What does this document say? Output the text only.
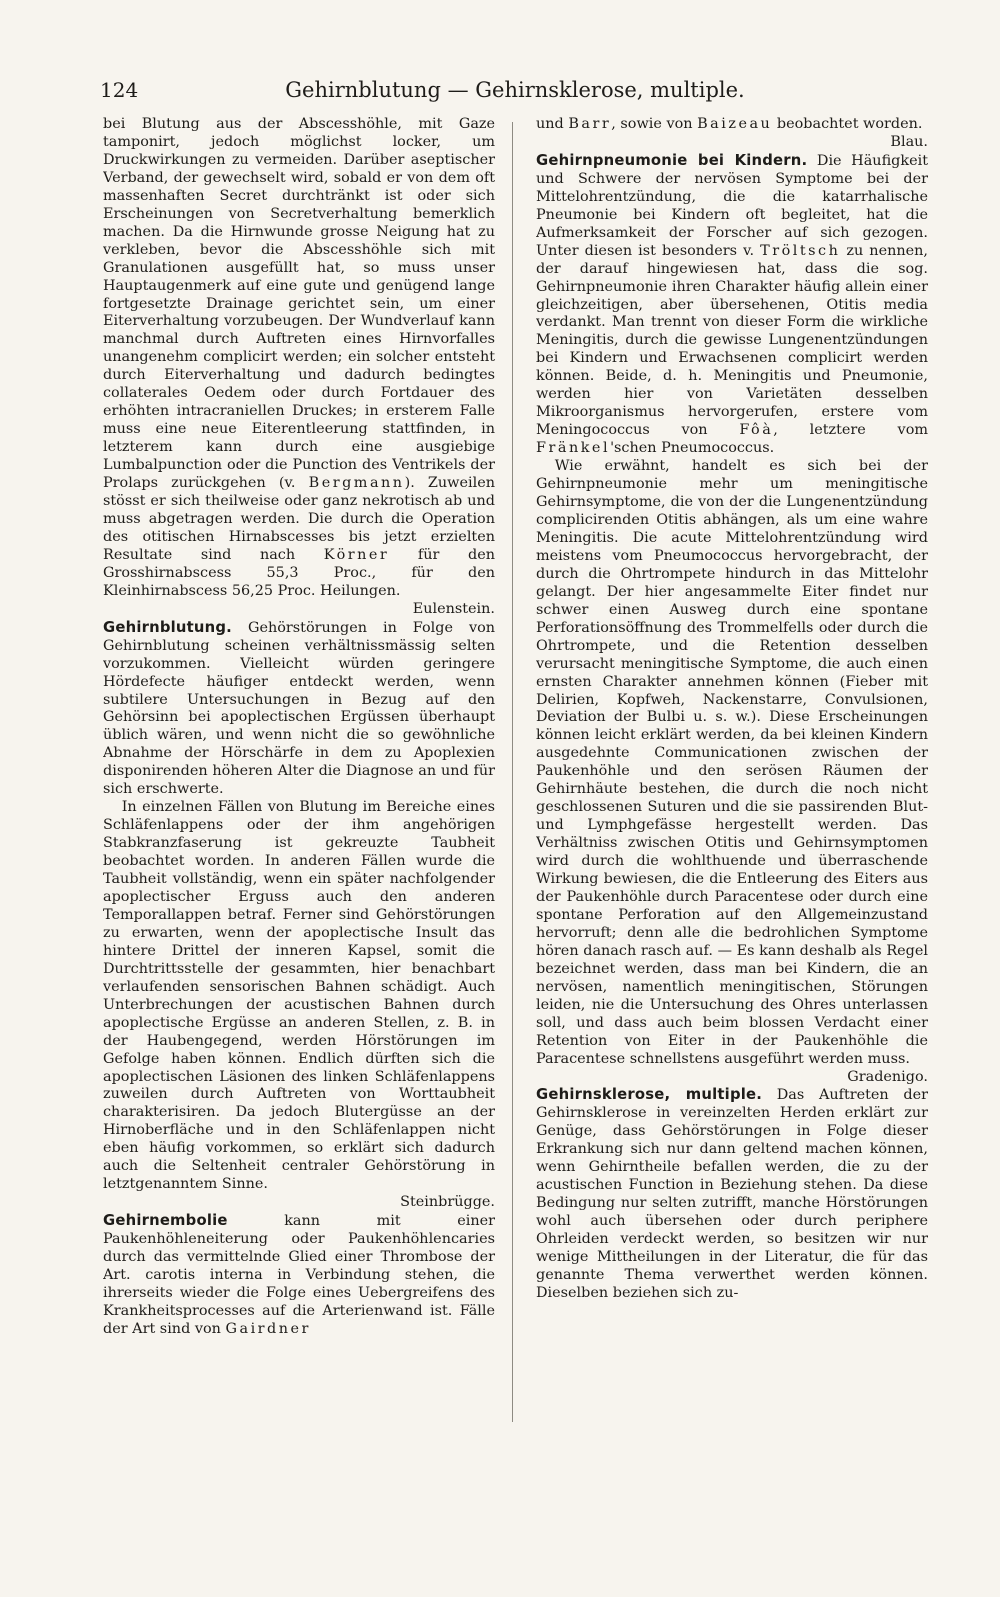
124	Gehirnblutung — Gehirnsklerose, multiple.

bei Blutung aus der Abscesshöhle, mit Gaze tamponirt, jedoch möglichst locker, um Druckwirkungen zu vermeiden. Darüber aseptischer Verband, der gewechselt wird, sobald er von dem oft massenhaften Secret durchtränkt ist oder sich Erscheinungen von Secretverhaltung bemerklich machen. Da die Hirnwunde grosse Neigung hat zu verkleben, bevor die Abscesshöhle sich mit Granulationen ausgefüllt hat, so muss unser Hauptaugenmerk auf eine gute und genügend lange fortgesetzte Drainage gerichtet sein, um einer Eiterverhaltung vorzubeugen. Der Wundverlauf kann manchmal durch Auftreten eines Hirnvorfalles unangenehm complicirt werden; ein solcher entsteht durch Eiterverhaltung und dadurch bedingtes collaterales Oedem oder durch Fortdauer des erhöhten intracraniellen Druckes; in ersterem Falle muss eine neue Eiterentleerung stattfinden, in letzterem kann durch eine ausgiebige Lumbalpunction oder die Punction des Ventrikels der Prolaps zurückgehen (v. Bergmann). Zuweilen stösst er sich theilweise oder ganz nekrotisch ab und muss abgetragen werden. Die durch die Operation des otitischen Hirnabscesses bis jetzt erzielten Resultate sind nach Körner für den Grosshirnabscess 55,3 Proc., für den Kleinhirnabscess 56,25 Proc. Heilungen.
Eulenstein.

Gehirnblutung. Gehörstörungen in Folge von Gehirnblutung scheinen verhältnissmässig selten vorzukommen. Vielleicht würden geringere Hördefecte häufiger entdeckt werden, wenn subtilere Untersuchungen in Bezug auf den Gehörsinn bei apoplectischen Ergüssen überhaupt üblich wären, und wenn nicht die so gewöhnliche Abnahme der Hörschärfe in dem zu Apoplexien disponirenden höheren Alter die Diagnose an und für sich erschwerte.

In einzelnen Fällen von Blutung im Bereiche eines Schläfenlappens oder der ihm angehörigen Stabkranzfaserung ist gekreuzte Taubheit beobachtet worden. In anderen Fällen wurde die Taubheit vollständig, wenn ein später nachfolgender apoplectischer Erguss auch den anderen Temporallappen betraf. Ferner sind Gehörstörungen zu erwarten, wenn der apoplectische Insult das hintere Drittel der inneren Kapsel, somit die Durchtrittsstelle der gesammten, hier benachbart verlaufenden sensorischen Bahnen schädigt. Auch Unterbrechungen der acustischen Bahnen durch apoplectische Ergüsse an anderen Stellen, z. B. in der Haubengegend, werden Hörstörungen im Gefolge haben können. Endlich dürften sich die apoplectischen Läsionen des linken Schläfenlappens zuweilen durch Auftreten von Worttaubheit charakterisiren. Da jedoch Blutergüsse an der Hirnoberfläche und in den Schläfenlappen nicht eben häufig vorkommen, so erklärt sich dadurch auch die Seltenheit centraler Gehörstörung in letztgenanntem Sinne.
Steinbrügge.

Gehirnembolie	kann mit einer Paukenhöhleneiterung oder Paukenhöhlencaries durch das vermittelnde Glied einer Thrombose der Art. carotis interna in Verbindung stehen, die ihrerseits wieder die Folge eines Uebergreifens des Krankheitsprocesses auf die Arterienwand ist. Fälle der Art sind von Gairdner

und Barr, sowie von Baizeau beobachtet worden.
Blau.

Gehirnpneumonie bei Kindern. Die Häufigkeit und Schwere der nervösen Symptome bei der Mittelohrentzündung, die die katarrhalische Pneumonie bei Kindern oft begleitet, hat die Aufmerksamkeit der Forscher auf sich gezogen. Unter diesen ist besonders v. Tröltsch zu nennen, der darauf hingewiesen hat, dass die sog. Gehirnpneumonie ihren Charakter häufig allein einer gleichzeitigen, aber übersehenen, Otitis media verdankt. Man trennt von dieser Form die wirkliche Meningitis, durch die gewisse Lungenentzündungen bei Kindern und Erwachsenen complicirt werden können. Beide, d. h. Meningitis und Pneumonie, werden hier von Varietäten desselben Mikroorganismus hervorgerufen, erstere vom Meningococcus von Fôà, letztere vom Fränkel'schen Pneumococcus.

Wie erwähnt, handelt es sich bei der Gehirnpneumonie mehr um meningitische Gehirnsymptome, die von der die Lungenentzündung complicirenden Otitis abhängen, als um eine wahre Meningitis. Die acute Mittelohrentzündung wird meistens vom Pneumococcus hervorgebracht, der durch die Ohrtrompete hindurch in das Mittelohr gelangt. Der hier angesammelte Eiter findet nur schwer einen Ausweg durch eine spontane Perforationsöffnung des Trommelfells oder durch die Ohrtrompete, und die Retention desselben verursacht meningitische Symptome, die auch einen ernsten Charakter annehmen können (Fieber mit Delirien, Kopfweh, Nackenstarre, Convulsionen, Deviation der Bulbi u. s. w.). Diese Erscheinungen können leicht erklärt werden, da bei kleinen Kindern ausgedehnte Communicationen zwischen der Paukenhöhle und den serösen Räumen der Gehirnhäute bestehen, die durch die noch nicht geschlossenen Suturen und die sie passirenden Blut- und Lymphgefässe hergestellt werden. Das Verhältniss zwischen Otitis und Gehirnsymptomen wird durch die wohlthuende und überraschende Wirkung bewiesen, die die Entleerung des Eiters aus der Paukenhöhle durch Paracentese oder durch eine spontane Perforation auf den Allgemeinzustand hervorruft; denn alle die bedrohlichen Symptome hören danach rasch auf. — Es kann deshalb als Regel bezeichnet werden, dass man bei Kindern, die an nervösen, namentlich meningitischen, Störungen leiden, nie die Untersuchung des Ohres unterlassen soll, und dass auch beim blossen Verdacht einer Retention von Eiter in der Paukenhöhle die Paracentese schnellstens ausgeführt werden muss.
Gradenigo.

Gehirnsklerose, multiple. Das Auftreten der Gehirnsklerose in vereinzelten Herden erklärt zur Genüge, dass Gehörstörungen in Folge dieser Erkrankung sich nur dann geltend machen können, wenn Gehirntheile befallen werden, die zu der acustischen Function in Beziehung stehen. Da diese Bedingung nur selten zutrifft, manche Hörstörungen wohl auch übersehen oder durch periphere Ohrleiden verdeckt werden, so besitzen wir nur wenige Mittheilungen in der Literatur, die für das genannte Thema verwerthet werden können. Dieselben beziehen sich zu-
